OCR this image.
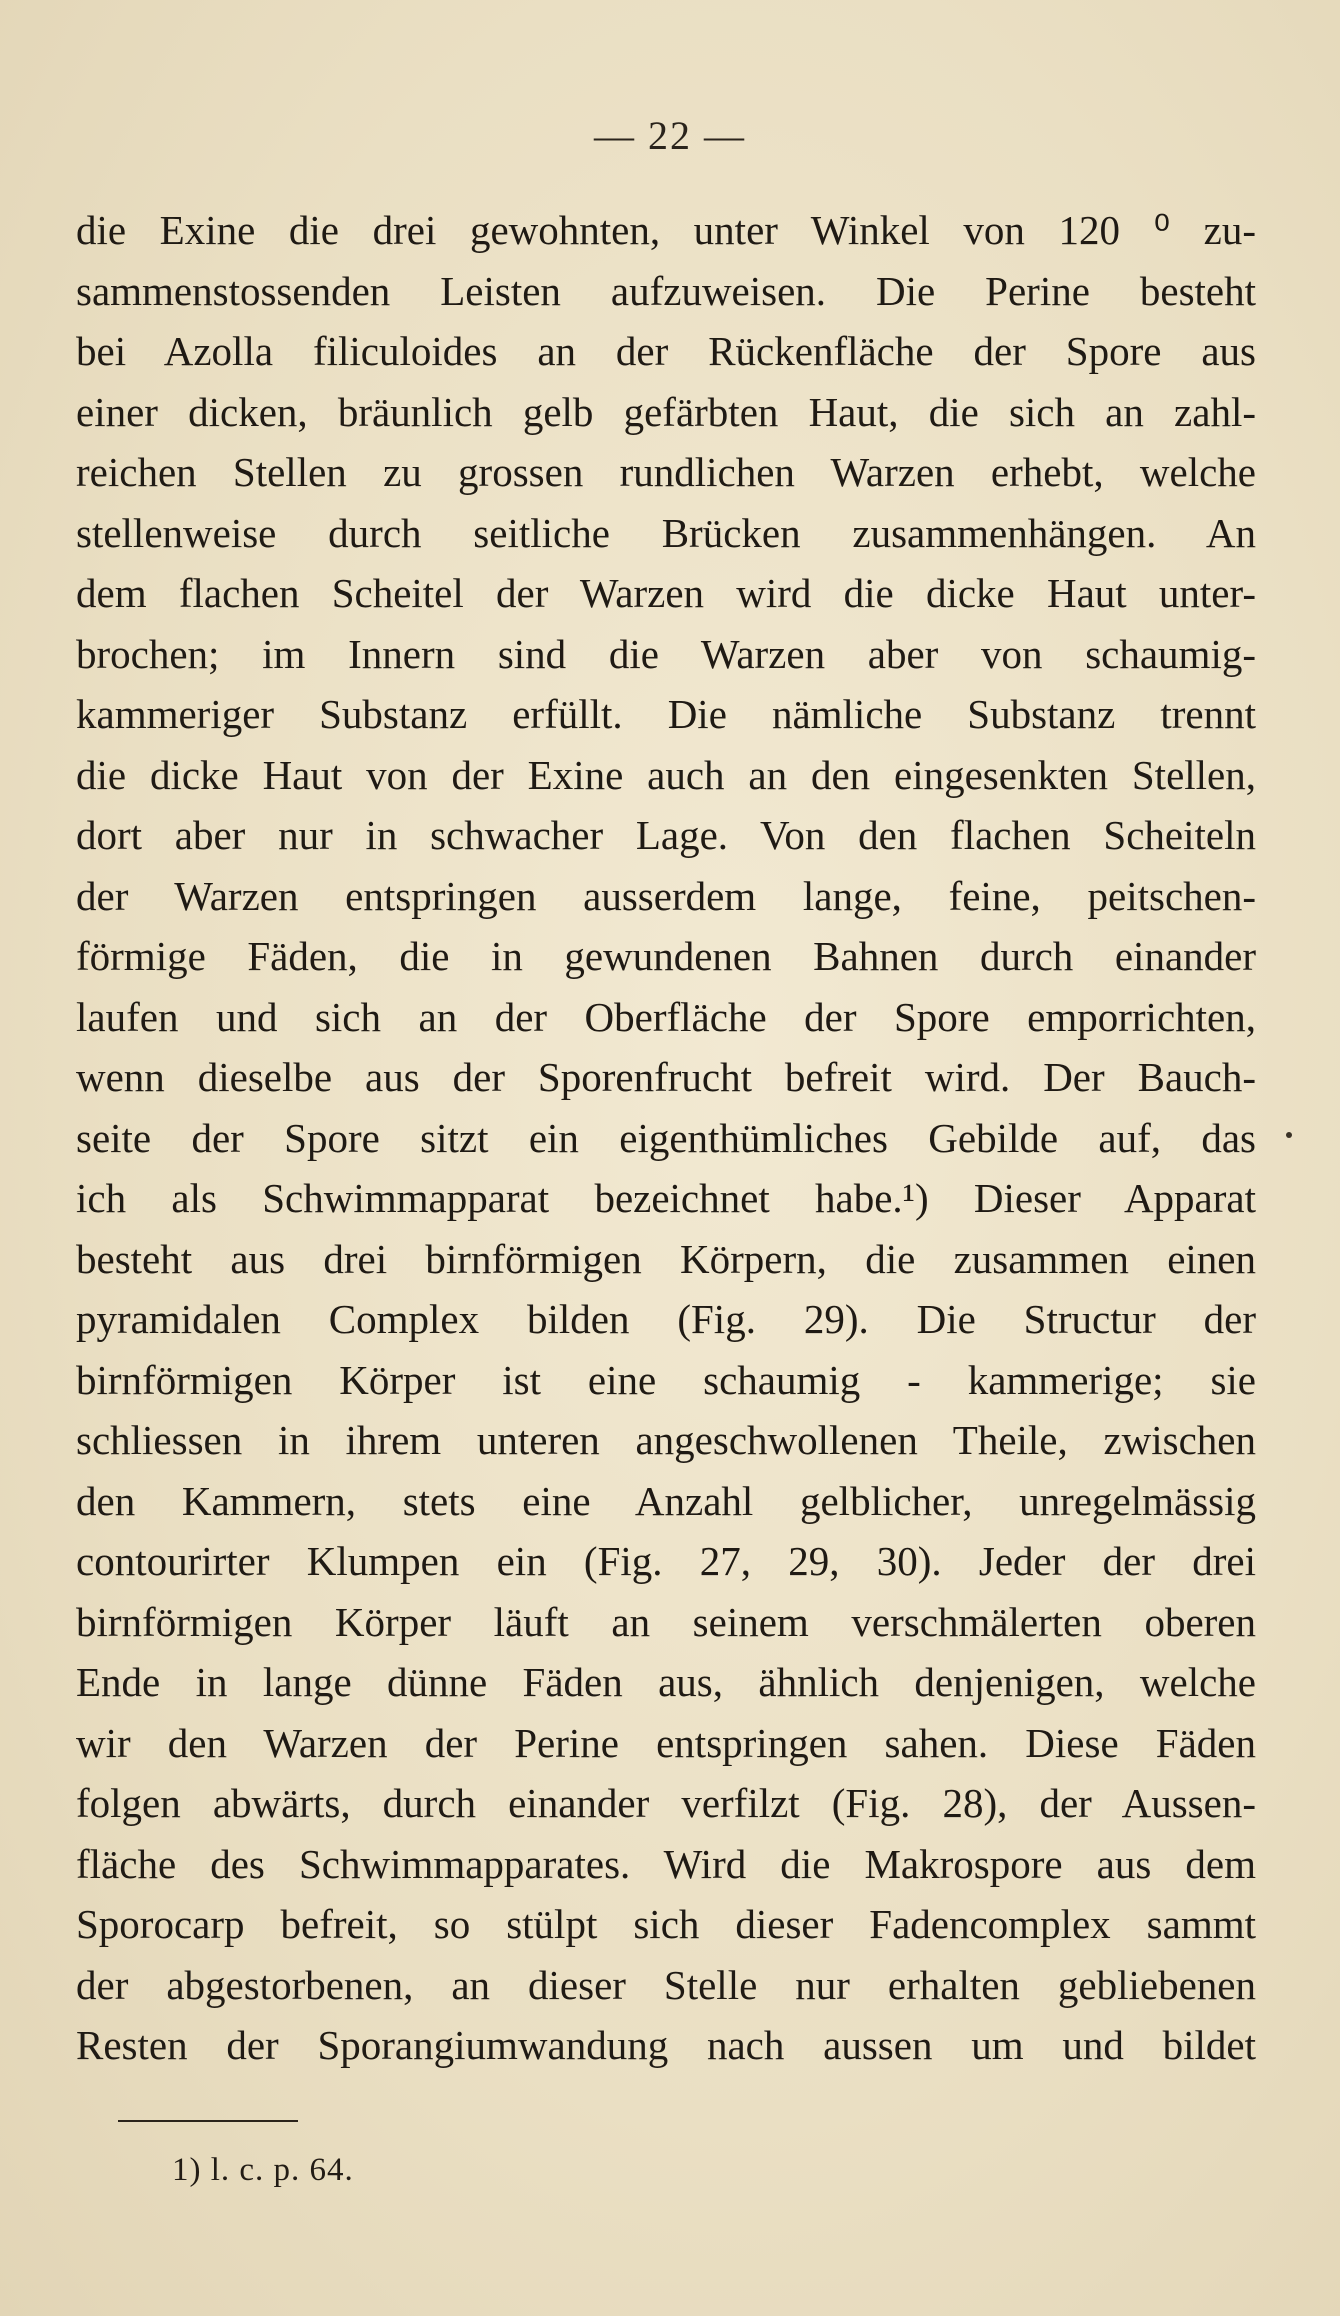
— 22 —
die Exine die drei gewohnten, unter Winkel von 120 ⁰ zu-
sammenstossenden Leisten aufzuweisen. Die Perine besteht
bei Azolla filiculoides an der Rückenfläche der Spore aus
einer dicken, bräunlich gelb gefärbten Haut, die sich an zahl-
reichen Stellen zu grossen rundlichen Warzen erhebt, welche
stellenweise durch seitliche Brücken zusammenhängen. An
dem flachen Scheitel der Warzen wird die dicke Haut unter-
brochen; im Innern sind die Warzen aber von schaumig-
kammeriger Substanz erfüllt. Die nämliche Substanz trennt
die dicke Haut von der Exine auch an den eingesenkten Stellen,
dort aber nur in schwacher Lage. Von den flachen Scheiteln
der Warzen entspringen ausserdem lange, feine, peitschen-
förmige Fäden, die in gewundenen Bahnen durch einander
laufen und sich an der Oberfläche der Spore emporrichten,
wenn dieselbe aus der Sporenfrucht befreit wird. Der Bauch-
seite der Spore sitzt ein eigenthümliches Gebilde auf, das
ich als Schwimmapparat bezeichnet habe.¹) Dieser Apparat
besteht aus drei birnförmigen Körpern, die zusammen einen
pyramidalen Complex bilden (Fig. 29). Die Structur der
birnförmigen Körper ist eine schaumig - kammerige; sie
schliessen in ihrem unteren angeschwollenen Theile, zwischen
den Kammern, stets eine Anzahl gelblicher, unregelmässig
contourirter Klumpen ein (Fig. 27, 29, 30). Jeder der drei
birnförmigen Körper läuft an seinem verschmälerten oberen
Ende in lange dünne Fäden aus, ähnlich denjenigen, welche
wir den Warzen der Perine entspringen sahen. Diese Fäden
folgen abwärts, durch einander verfilzt (Fig. 28), der Aussen-
fläche des Schwimmapparates. Wird die Makrospore aus dem
Sporocarp befreit, so stülpt sich dieser Fadencomplex sammt
der abgestorbenen, an dieser Stelle nur erhalten gebliebenen
Resten der Sporangiumwandung nach aussen um und bildet
1) l. c. p. 64.
